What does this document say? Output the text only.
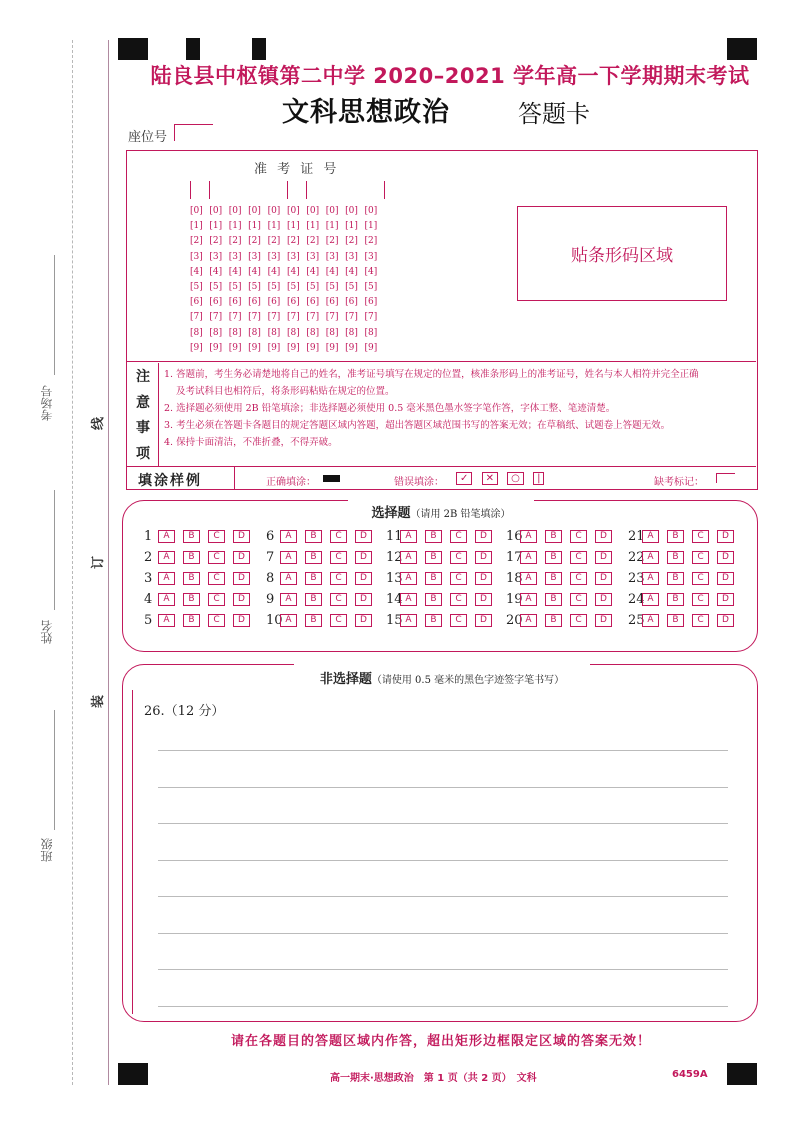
考场号
姓名
班级
线
订
装
陆良县中枢镇第二中学 2020–2021 学年高一下学期期末考试
文科思想政治	答题卡
座位号
准 考 证 号
[0] [0] [0] [0] [0] [0] [0] [0] [0] [0]
[1] [1] [1] [1] [1] [1] [1] [1] [1] [1]
[2] [2] [2] [2] [2] [2] [2] [2] [2] [2]
[3] [3] [3] [3] [3] [3] [3] [3] [3] [3]
[4] [4] [4] [4] [4] [4] [4] [4] [4] [4]
[5] [5] [5] [5] [5] [5] [5] [5] [5] [5]
[6] [6] [6] [6] [6] [6] [6] [6] [6] [6]
[7] [7] [7] [7] [7] [7] [7] [7] [7] [7]
[8] [8] [8] [8] [8] [8] [8] [8] [8] [8]
[9] [9] [9] [9] [9] [9] [9] [9] [9] [9]
贴条形码区域
注
意
事
项
1. 答题前，考生务必请楚地将自己的姓名，准考证号填写在规定的位置，核准条形码上的准考证号，姓名与本人相符并完全正确
及考试科目也相符后，将条形码粘贴在规定的位置。
2. 选择题必须使用 2B 铅笔填涂；非选择题必须使用 0.5 毫米黑色墨水签字笔作答，字体工整、笔迹清楚。
3. 考生必须在答题卡各题目的规定答题区域内答题，超出答题区域范围书写的答案无效；在草稿纸、试题卷上答题无效。
4. 保持卡面清洁，不准折叠，不得弄破。
填涂样例	正确填涂：	错误填涂：	✓ ✕ ○ |	缺考标记：
选择题（请用 2B 铅笔填涂）
1	A	B	C	D
2	A	B	C	D
3	A	B	C	D
4	A	B	C	D
5	A	B	C	D
6	A	B	C	D
7	A	B	C	D
8	A	B	C	D
9	A	B	C	D
10 A	B	C	D
11 A	B	C	D
12 A	B	C	D
13 A	B	C	D
14 A	B	C	D
15 A	B	C	D
16 A	B	C	D
17 A	B	C	D
18 A	B	C	D
19 A	B	C	D
20 A	B	C	D
21 A	B	C	D
22 A	B	C	D
23 A	B	C	D
24 A	B	C	D
25 A	B	C	D
非选择题（请使用 0.5 毫米的黑色字迹签字笔书写）
26.（12 分）
请在各题目的答题区域内作答，超出矩形边框限定区域的答案无效！
高一期末·思想政治　第 1 页（共 2 页）　文科	6459A
